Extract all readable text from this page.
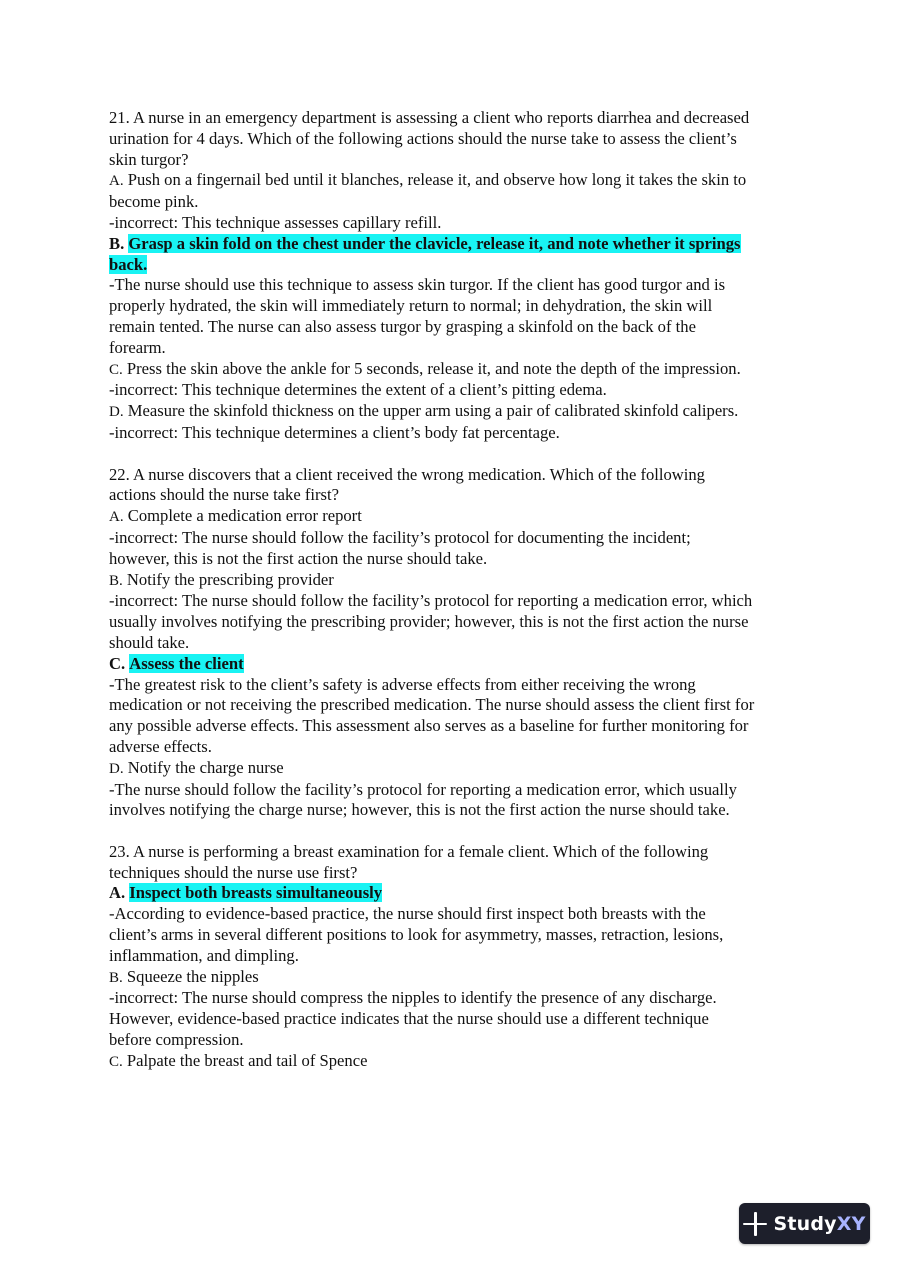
21. A nurse in an emergency department is assessing a client who reports diarrhea and decreased
urination for 4 days. Which of the following actions should the nurse take to assess the client’s
skin turgor?
A. Push on a fingernail bed until it blanches, release it, and observe how long it takes the skin to
become pink.
-incorrect: This technique assesses capillary refill.
B. Grasp a skin fold on the chest under the clavicle, release it, and note whether it springs
back.
-The nurse should use this technique to assess skin turgor. If the client has good turgor and is
properly hydrated, the skin will immediately return to normal; in dehydration, the skin will
remain tented. The nurse can also assess turgor by grasping a skinfold on the back of the
forearm.
C. Press the skin above the ankle for 5 seconds, release it, and note the depth of the impression.
-incorrect: This technique determines the extent of a client’s pitting edema.
D. Measure the skinfold thickness on the upper arm using a pair of calibrated skinfold calipers.
-incorrect: This technique determines a client’s body fat percentage.
22. A nurse discovers that a client received the wrong medication. Which of the following
actions should the nurse take first?
A. Complete a medication error report
-incorrect: The nurse should follow the facility’s protocol for documenting the incident;
however, this is not the first action the nurse should take.
B. Notify the prescribing provider
-incorrect: The nurse should follow the facility’s protocol for reporting a medication error, which
usually involves notifying the prescribing provider; however, this is not the first action the nurse
should take.
C. Assess the client
-The greatest risk to the client’s safety is adverse effects from either receiving the wrong
medication or not receiving the prescribed medication. The nurse should assess the client first for
any possible adverse effects. This assessment also serves as a baseline for further monitoring for
adverse effects.
D. Notify the charge nurse
-The nurse should follow the facility’s protocol for reporting a medication error, which usually
involves notifying the charge nurse; however, this is not the first action the nurse should take.
23. A nurse is performing a breast examination for a female client. Which of the following
techniques should the nurse use first?
A. Inspect both breasts simultaneously
-According to evidence-based practice, the nurse should first inspect both breasts with the
client’s arms in several different positions to look for asymmetry, masses, retraction, lesions,
inflammation, and dimpling.
B. Squeeze the nipples
-incorrect: The nurse should compress the nipples to identify the presence of any discharge.
However, evidence-based practice indicates that the nurse should use a different technique
before compression.
C. Palpate the breast and tail of Spence
StudyXY
